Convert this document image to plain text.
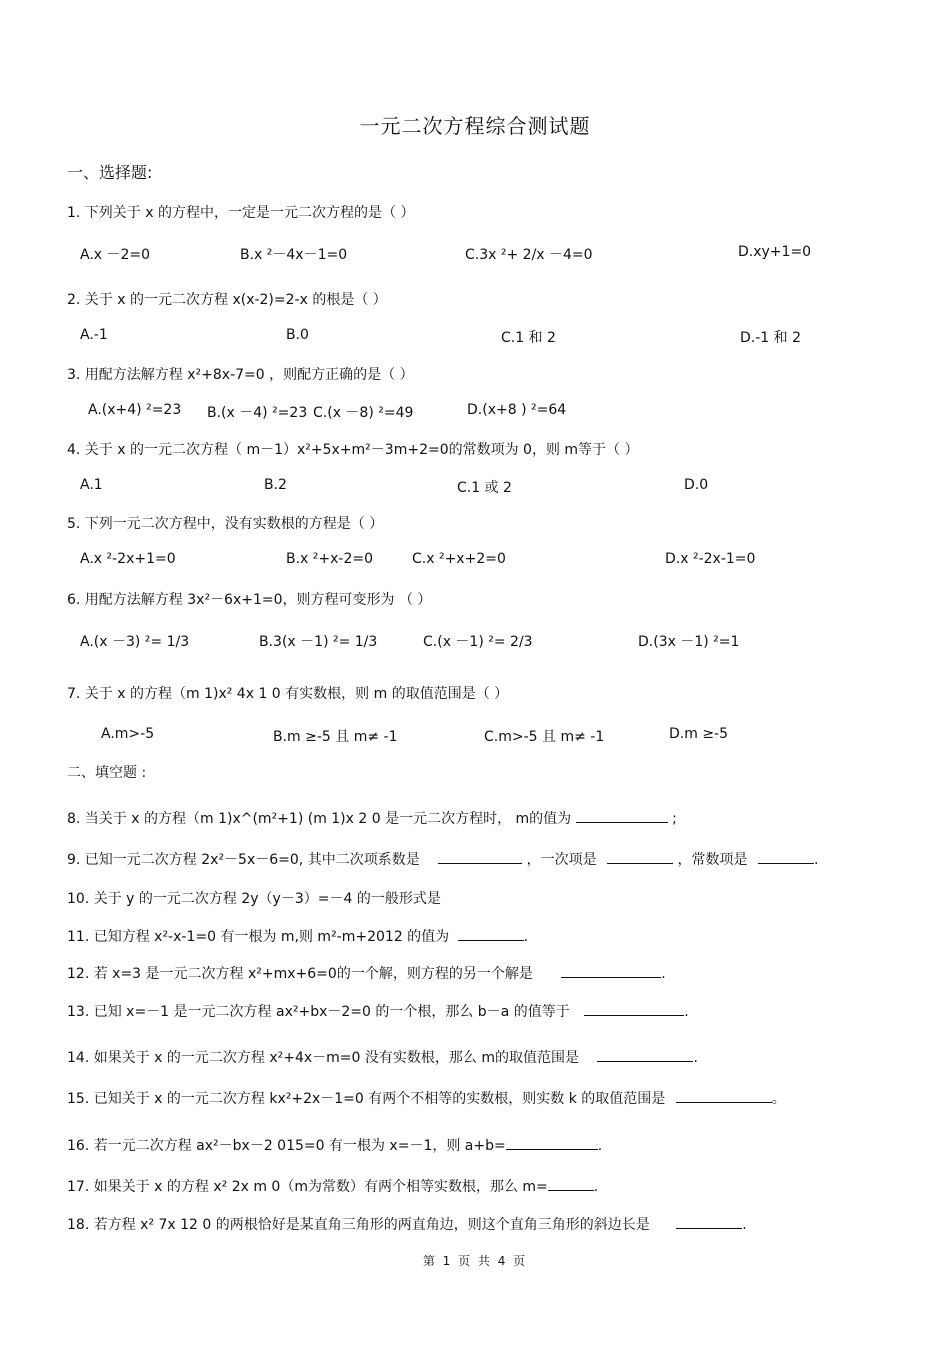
一元二次方程综合测试题
一、选择题:
1. 下列关于 x 的方程中，一定是一元二次方程的是（ ）
A.x －2=0	B.x ²－4x－1=0	C.3x ²+ 2/x －4=0	D.xy+1=0
2. 关于 x 的一元二次方程 x(x-2)=2-x 的根是（ ）
A.-1	B.0	C.1 和 2	D.-1 和 2
3. 用配方法解方程 x²+8x-7=0 ，则配方正确的是（ ）
A.(x+4) ²=23 B.(x －4) ²=23 C.(x －8) ²=49	D.(x+8 ) ²=64
4. 关于 x 的一元二次方程（ m－1）x²+5x+m²－3m+2=0的常数项为 0，则 m等于（ ）
A.1	B.2	C.1 或 2	D.0
5. 下列一元二次方程中，没有实数根的方程是（ ）
A.x ²-2x+1=0	B.x ²+x-2=0	C.x ²+x+2=0	D.x ²-2x-1=0
6. 用配方法解方程 3x²－6x+1=0，则方程可变形为 （ ）
A.(x －3) ²= 1/3	B.3(x －1) ²= 1/3	C.(x －1) ²= 2/3	D.(3x －1) ²=1
7. 关于 x 的方程（m 1)x² 4x 1 0 有实数根，则 m 的取值范围是（ ）
A.m>-5	B.m ≥-5 且 m≠ -1	C.m>-5 且 m≠ -1	D.m ≥-5
二、填空题 :
8. 当关于 x 的方程（m 1)x^(m²+1) (m 1)x 2 0 是一元二次方程时， m的值为	;
9. 已知一元二次方程 2x²－5x－6=0, 其中二次项系数是	，一次项是	，常数项是	.
10. 关于 y 的一元二次方程 2y（y－3）=－4 的一般形式是
11. 已知方程 x²-x-1=0 有一根为 m,则 m²-m+2012 的值为	.
12. 若 x=3 是一元二次方程 x²+mx+6=0的一个解，则方程的另一个解是	.
13. 已知 x=－1 是一元二次方程 ax²+bx－2=0 的一个根，那么 b－a 的值等于	.
14. 如果关于 x 的一元二次方程 x²+4x－m=0 没有实数根，那么 m的取值范围是	.
15. 已知关于 x 的一元二次方程 kx²+2x－1=0 有两个不相等的实数根，则实数 k 的取值范围是	。
16. 若一元二次方程 ax²－bx－2 015=0 有一根为 x=－1，则 a+b=	.
17. 如果关于 x 的方程 x² 2x m 0（m为常数）有两个相等实数根，那么 m=	.
18. 若方程 x² 7x 12 0 的两根恰好是某直角三角形的两直角边，则这个直角三角形的斜边长是	.
第 1 页 共 4 页
